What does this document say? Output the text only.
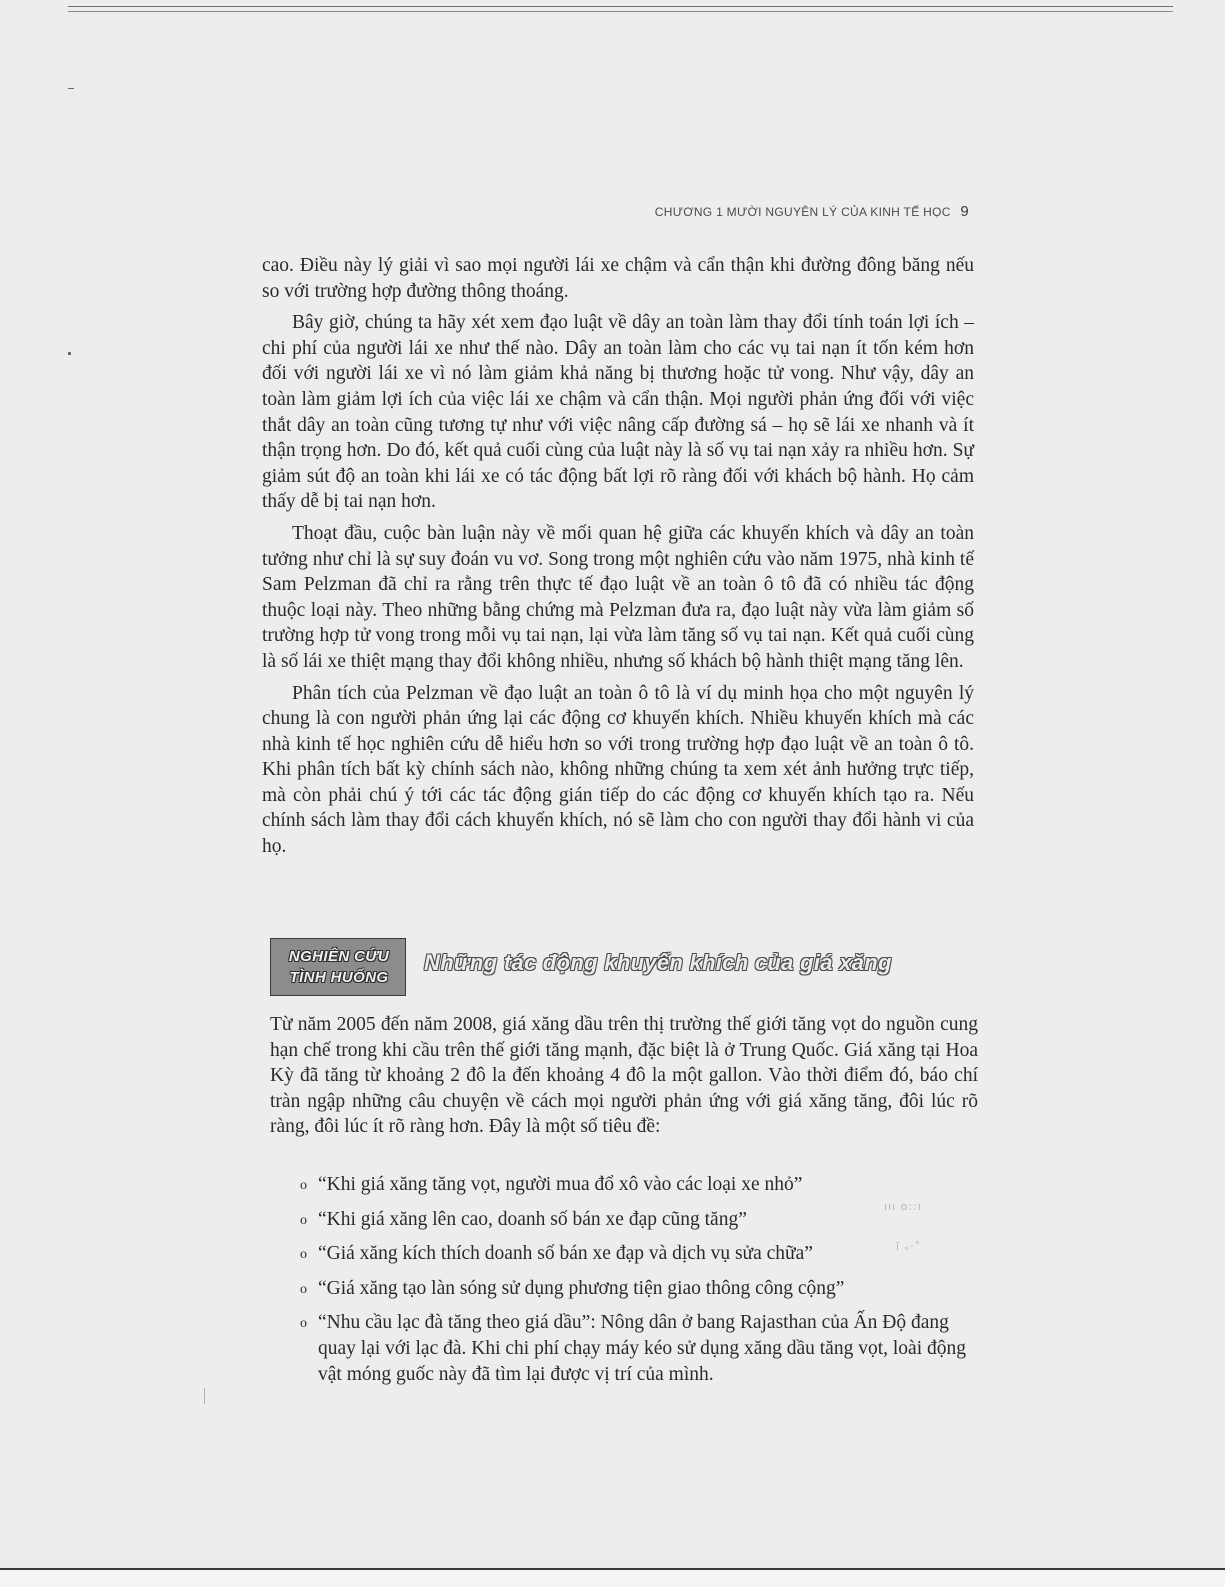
CHƯƠNG 1 MƯỜI NGUYÊN LÝ CỦA KINH TẾ HỌC 9

cao. Điều này lý giải vì sao mọi người lái xe chậm và cẩn thận khi đường đông băng nếu so với trường hợp đường thông thoáng.

Bây giờ, chúng ta hãy xét xem đạo luật về dây an toàn làm thay đổi tính toán lợi ích – chi phí của người lái xe như thế nào. Dây an toàn làm cho các vụ tai nạn ít tốn kém hơn đối với người lái xe vì nó làm giảm khả năng bị thương hoặc tử vong. Như vậy, dây an toàn làm giảm lợi ích của việc lái xe chậm và cẩn thận. Mọi người phản ứng đối với việc thắt dây an toàn cũng tương tự như với việc nâng cấp đường sá – họ sẽ lái xe nhanh và ít thận trọng hơn. Do đó, kết quả cuối cùng của luật này là số vụ tai nạn xảy ra nhiều hơn. Sự giảm sút độ an toàn khi lái xe có tác động bất lợi rõ ràng đối với khách bộ hành. Họ cảm thấy dễ bị tai nạn hơn.

Thoạt đầu, cuộc bàn luận này về mối quan hệ giữa các khuyến khích và dây an toàn tưởng như chỉ là sự suy đoán vu vơ. Song trong một nghiên cứu vào năm 1975, nhà kinh tế Sam Pelzman đã chỉ ra rằng trên thực tế đạo luật về an toàn ô tô đã có nhiều tác động thuộc loại này. Theo những bằng chứng mà Pelzman đưa ra, đạo luật này vừa làm giảm số trường hợp tử vong trong mỗi vụ tai nạn, lại vừa làm tăng số vụ tai nạn. Kết quả cuối cùng là số lái xe thiệt mạng thay đổi không nhiều, nhưng số khách bộ hành thiệt mạng tăng lên.

Phân tích của Pelzman về đạo luật an toàn ô tô là ví dụ minh họa cho một nguyên lý chung là con người phản ứng lại các động cơ khuyến khích. Nhiều khuyến khích mà các nhà kinh tế học nghiên cứu dễ hiểu hơn so với trong trường hợp đạo luật về an toàn ô tô. Khi phân tích bất kỳ chính sách nào, không những chúng ta xem xét ảnh hưởng trực tiếp, mà còn phải chú ý tới các tác động gián tiếp do các động cơ khuyến khích tạo ra. Nếu chính sách làm thay đổi cách khuyến khích, nó sẽ làm cho con người thay đổi hành vi của họ.

NGHIÊN CỨU
TÌNH HUỐNG
Những tác động khuyến khích của giá xăng
Từ năm 2005 đến năm 2008, giá xăng dầu trên thị trường thế giới tăng vọt do nguồn cung hạn chế trong khi cầu trên thế giới tăng mạnh, đặc biệt là ở Trung Quốc. Giá xăng tại Hoa Kỳ đã tăng từ khoảng 2 đô la đến khoảng 4 đô la một gallon. Vào thời điểm đó, báo chí tràn ngập những câu chuyện về cách mọi người phản ứng với giá xăng tăng, đôi lúc rõ ràng, đôi lúc ít rõ ràng hơn. Đây là một số tiêu đề:
o “Khi giá xăng tăng vọt, người mua đổ xô vào các loại xe nhỏ”
o “Khi giá xăng lên cao, doanh số bán xe đạp cũng tăng”
o “Giá xăng kích thích doanh số bán xe đạp và dịch vụ sửa chữa”
o “Giá xăng tạo làn sóng sử dụng phương tiện giao thông công cộng”
o “Nhu cầu lạc đà tăng theo giá dầu”: Nông dân ở bang Rajasthan của Ấn Độ đang quay lại với lạc đà. Khi chi phí chạy máy kéo sử dụng xăng dầu tăng vọt, loài động vật móng guốc này đã tìm lại được vị trí của mình.
ııı o::ı
ī ₒ·˚
